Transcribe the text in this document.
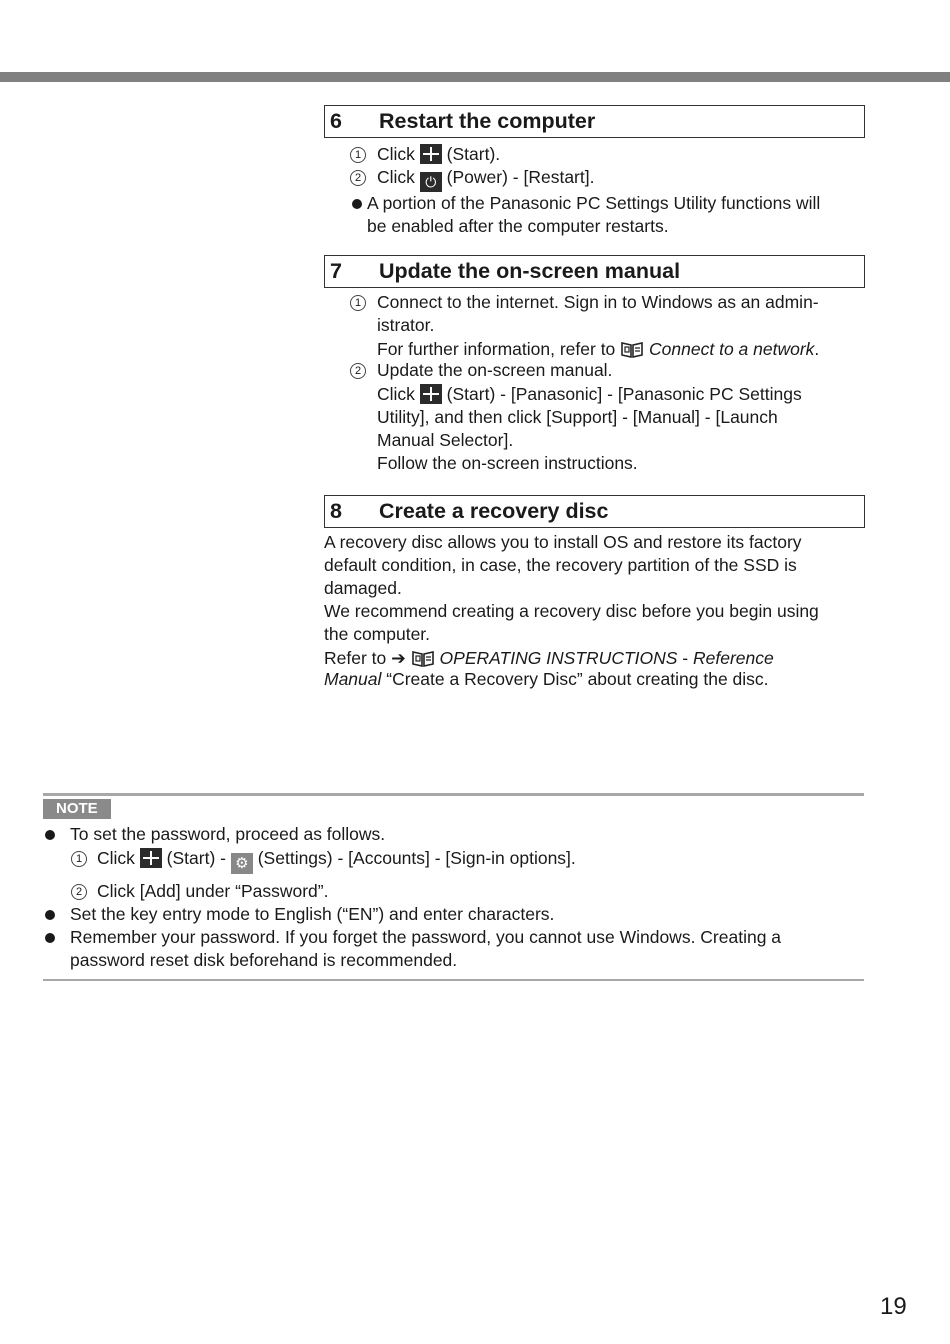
6 Restart the computer
1 Click (Start).
2 Click ⏻ (Power) - [Restart].
A portion of the Panasonic PC Settings Utility functions will
be enabled after the computer restarts.
7 Update the on-screen manual
1 Connect to the internet. Sign in to Windows as an admin-
istrator.
For further information, refer to Connect to a network.
2 Update the on-screen manual.
Click (Start) - [Panasonic] - [Panasonic PC Settings
Utility], and then click [Support] - [Manual] - [Launch
Manual Selector].
Follow the on-screen instructions.
8 Create a recovery disc
A recovery disc allows you to install OS and restore its factory
default condition, in case, the recovery partition of the SSD is
damaged.
We recommend creating a recovery disc before you begin using
the computer.
Refer to ➔ OPERATING INSTRUCTIONS - Reference
Manual “Create a Recovery Disc” about creating the disc.
NOTE
To set the password, proceed as follows.
1 Click (Start) - ⚙ (Settings) - [Accounts] - [Sign-in options].
2 Click [Add] under “Password”.
Set the key entry mode to English (“EN”) and enter characters.
Remember your password. If you forget the password, you cannot use Windows. Creating a
password reset disk beforehand is recommended.
19
